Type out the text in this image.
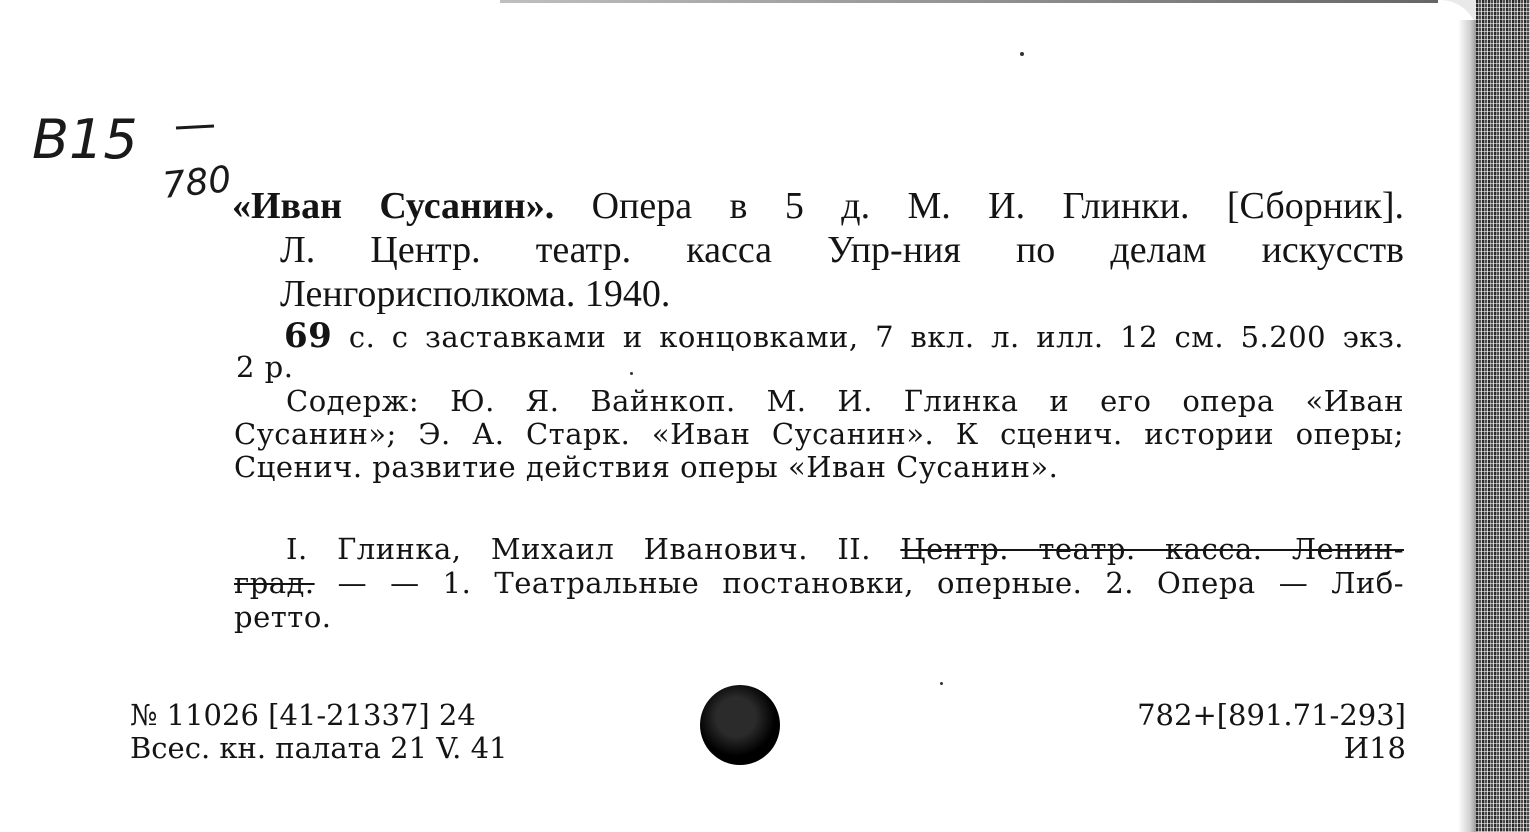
B15
780

«Иван Сусанин». Опера в 5 д. М. И. Глинки. [Сборник].

Л. Центр. театр. касса Упр-ния по делам искусств

Ленгорисполкома. 1940.

69 с. с заставками и концовками, 7 вкл. л. илл. 12 см. 5.200 экз.

2 р.

Содерж: Ю. Я. Вайнкоп. М. И. Глинка и его опера «Иван

Сусанин»; Э. А. Старк. «Иван Сусанин». К сценич. истории оперы;

Сценич. развитие действия оперы «Иван Сусанин».

I. Глинка, Михаил Иванович. II. Центр. театр. касса. Ленин-

град. — — 1. Театральные постановки, оперные. 2. Опера — Либ-

ретто.

№ 11026 [41-21337] 24

Всес. кн. палата 21 V. 41

782+[891.71-293]

И18
